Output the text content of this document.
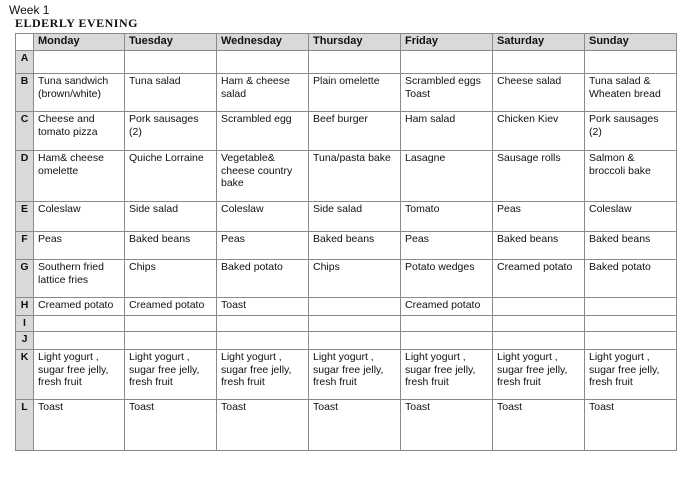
Week 1
ELDERLY EVENING
	Monday	Tuesday	Wednesday	Thursday	Friday	Saturday	Sunday
A							
B	Tuna sandwich (brown/white)	Tuna salad	Ham & cheese salad	Plain omelette	Scrambled eggs Toast	Cheese salad	Tuna salad & Wheaten bread
C	Cheese and tomato pizza	Pork sausages (2)	Scrambled egg	Beef burger	Ham salad	Chicken Kiev	Pork sausages (2)
D	Ham& cheese omelette	Quiche Lorraine	Vegetable& cheese country bake	Tuna/pasta bake	Lasagne	Sausage rolls	Salmon & broccoli bake
E	Coleslaw	Side salad	Coleslaw	Side salad	Tomato	Peas	Coleslaw
F	Peas	Baked beans	Peas	Baked beans	Peas	Baked beans	Baked beans
G	Southern fried lattice fries	Chips	Baked potato	Chips	Potato wedges	Creamed potato	Baked potato
H	Creamed potato	Creamed potato	Toast		Creamed potato		
I							
J							
K	Light yogurt , sugar free jelly, fresh fruit	Light yogurt , sugar free jelly, fresh fruit	Light yogurt , sugar free jelly, fresh fruit	Light yogurt , sugar free jelly, fresh fruit	Light yogurt , sugar free jelly, fresh fruit	Light yogurt , sugar free jelly, fresh fruit	Light yogurt , sugar free jelly, fresh fruit
L	Toast	Toast	Toast	Toast	Toast	Toast	Toast
